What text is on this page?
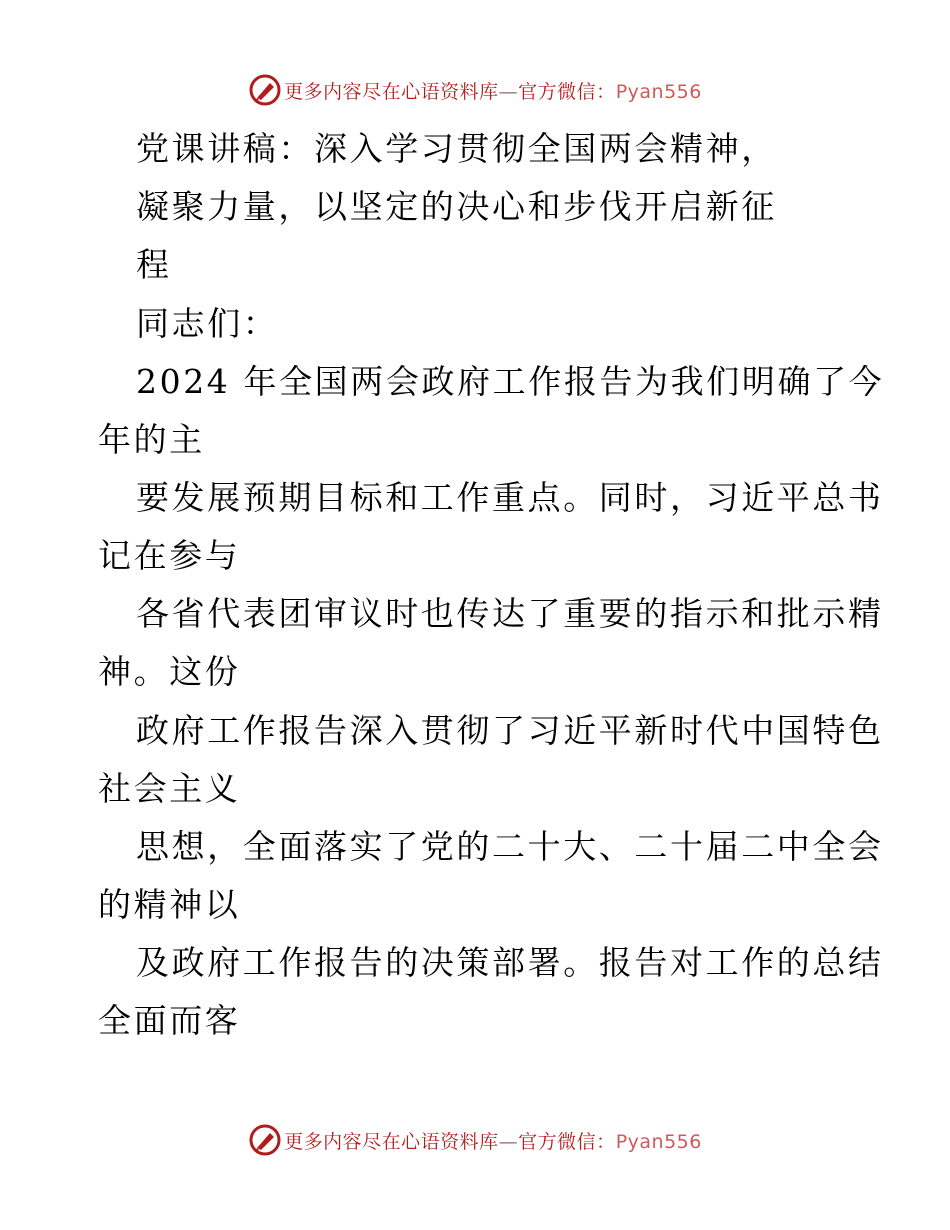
更多内容尽在心语资料库—官方微信：Pyan556
党课讲稿：深入学习贯彻全国两会精神，
凝聚力量，以坚定的决心和步伐开启新征
程
同志们：
2024 年全国两会政府工作报告为我们明确了今
年的主
要发展预期目标和工作重点。同时，习近平总书
记在参与
各省代表团审议时也传达了重要的指示和批示精
神。这份
政府工作报告深入贯彻了习近平新时代中国特色
社会主义
思想，全面落实了党的二十大、二十届二中全会
的精神以
及政府工作报告的决策部署。报告对工作的总结
全面而客
更多内容尽在心语资料库—官方微信：Pyan556
